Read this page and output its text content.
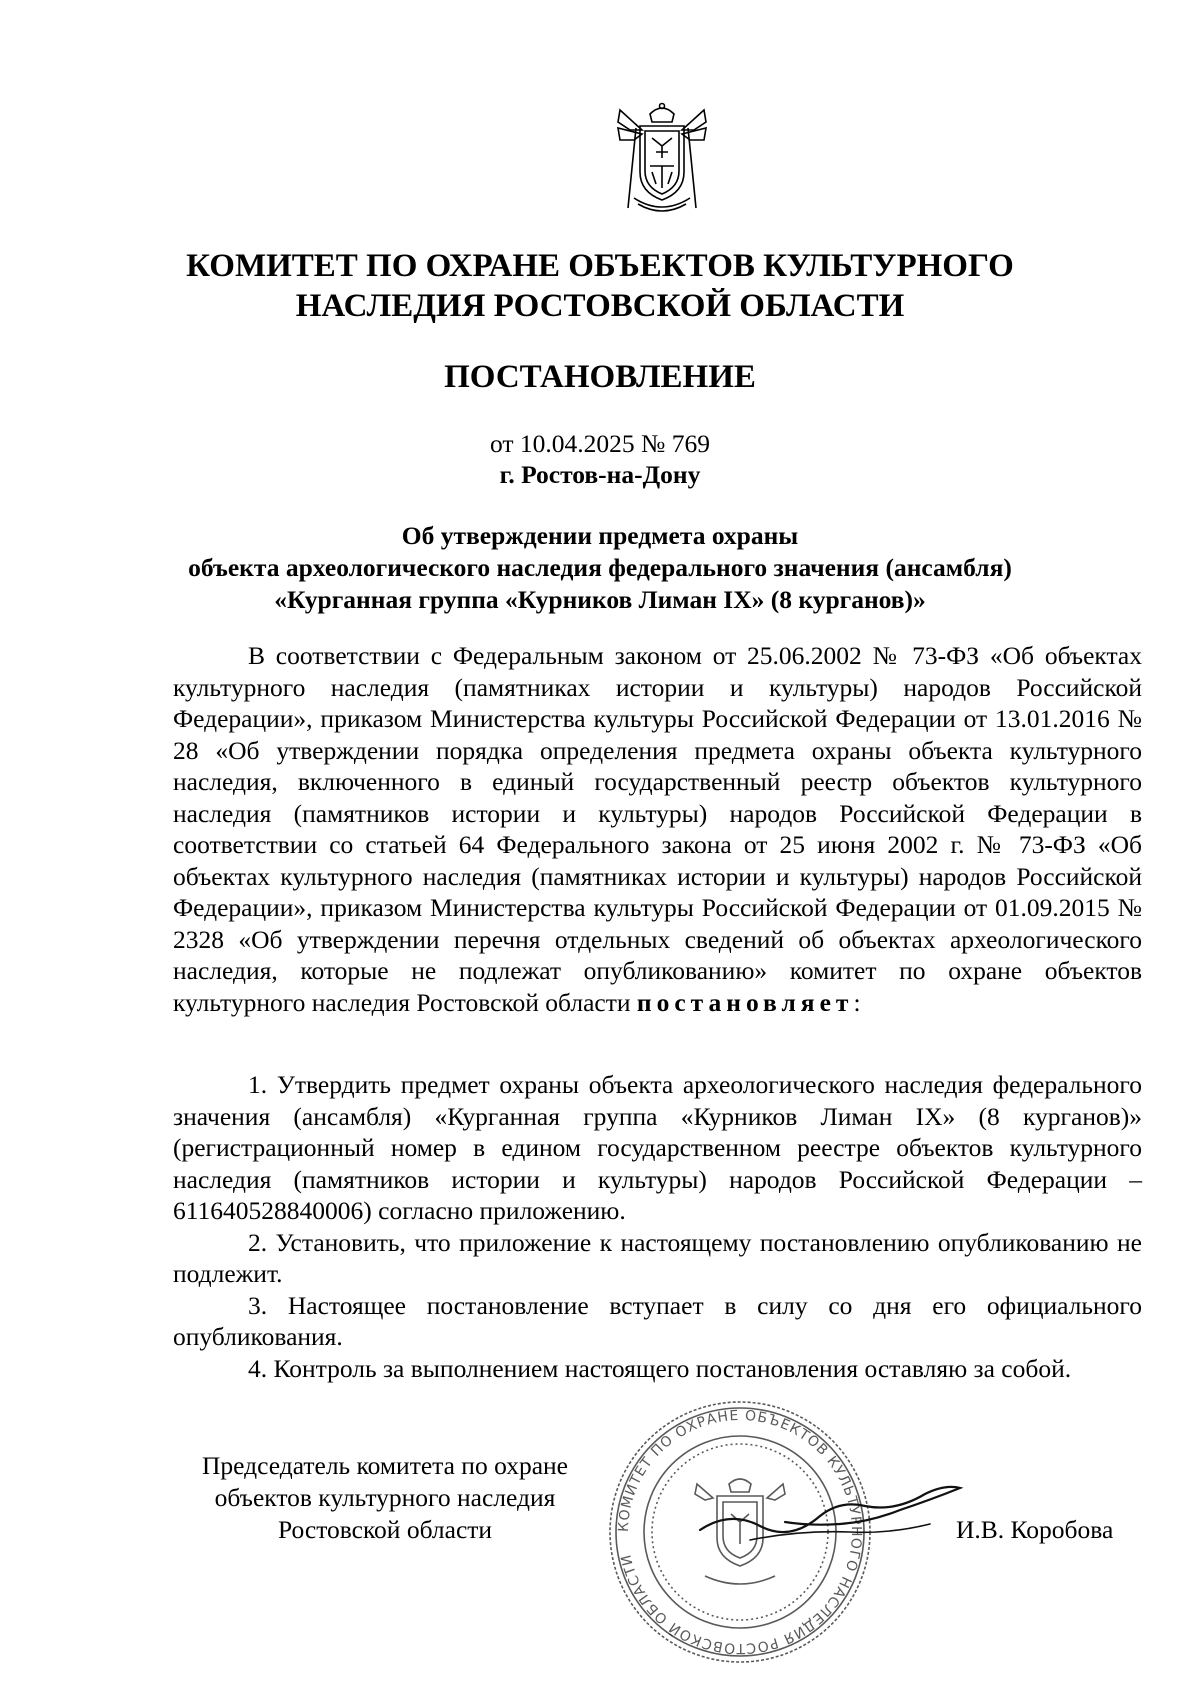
КОМИТЕТ ПО ОХРАНЕ ОБЪЕКТОВ КУЛЬТУРНОГО
НАСЛЕДИЯ РОСТОВСКОЙ ОБЛАСТИ
ПОСТАНОВЛЕНИЕ
от 10.04.2025 № 769
г. Ростов-на-Дону
Об утверждении предмета охраны
объекта археологического наследия федерального значения (ансамбля)
«Курганная группа «Курников Лиман IX» (8 курганов)»

В соответствии с Федеральным законом от 25.06.2002 № 73-ФЗ «Об объектах культурного наследия (памятниках истории и культуры) народов Российской Федерации», приказом Министерства культуры Российской Федерации от 13.01.2016 № 28 «Об утверждении порядка определения предмета охраны объекта культурного наследия, включенного в единый государственный реестр объектов культурного наследия (памятников истории и культуры) народов Российской Федерации в соответствии со статьей 64 Федерального закона от 25 июня 2002 г. № 73-ФЗ «Об объектах культурного наследия (памятниках истории и культуры) народов Российской Федерации», приказом Министерства культуры Российской Федерации от 01.09.2015 № 2328 «Об утверждении перечня отдельных сведений об объектах археологического наследия, которые не подлежат опубликованию» комитет по охране объектов культурного наследия Ростовской области постановляет:

1. Утвердить предмет охраны объекта археологического наследия федерального значения (ансамбля) «Курганная группа «Курников Лиман IX» (8 курганов)» (регистрационный номер в едином государственном реестре объектов культурного наследия (памятников истории и культуры) народов Российской Федерации – 611640528840006) согласно приложению.

2. Установить, что приложение к настоящему постановлению опубликованию не подлежит.

3. Настоящее постановление вступает в силу со дня его официального опубликования.

4. Контроль за выполнением настоящего постановления оставляю за собой.

КОМИТЕТ ПО ОХРАНЕ ОБЪЕКТОВ КУЛЬТУРНОГО НАСЛЕДИЯ РОСТОВСКОЙ ОБЛАСТИ
Председатель комитета по охране
объектов культурного наследия
Ростовской области	И.В. Коробова
